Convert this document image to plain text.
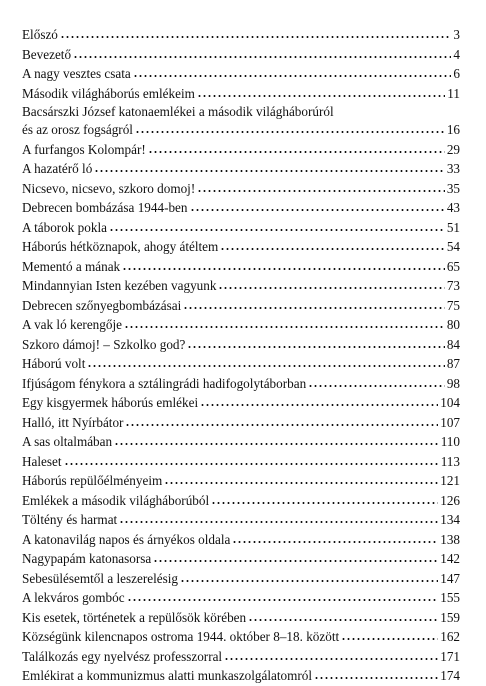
Előszó	3
Bevezető	4
A nagy vesztes csata	6
Második világháborús emlékeim	11
Bacsárszki József katonaemlékei a második világháborúról
és az orosz fogságról	16
A furfangos Kolompár!	29
A hazatérő ló	33
Nicsevo, nicsevo, szkoro domoj!	35
Debrecen bombázása 1944-ben	43
A táborok pokla	51
Háborús hétköznapok, ahogy átéltem	54
Mementó a mának	65
Mindannyian Isten kezében vagyunk	73
Debrecen szőnyegbombázásai	75
A vak ló kerengője	80
Szkoro dámoj! – Szkolko god?	84
Háború volt	87
Ifjúságom fénykora a sztálingrádi hadifogolytáborban	98
Egy kisgyermek háborús emlékei	104
Halló, itt Nyírbátor	107
A sas oltalmában	110
Haleset	113
Háborús repülőélményeim	121
Emlékek a második világháborúból	126
Töltény és harmat	134
A katonavilág napos és árnyékos oldala	138
Nagypapám katonasorsa	142
Sebesülésemtől a leszerelésig	147
A lekváros gombóc	155
Kis esetek, történetek a repülősök körében	159
Községünk kilencnapos ostroma 1944. október 8–18. között	162
Találkozás egy nyelvész professzorral	171
Emlékirat a kommunizmus alatti munkaszolgálatomról	174
